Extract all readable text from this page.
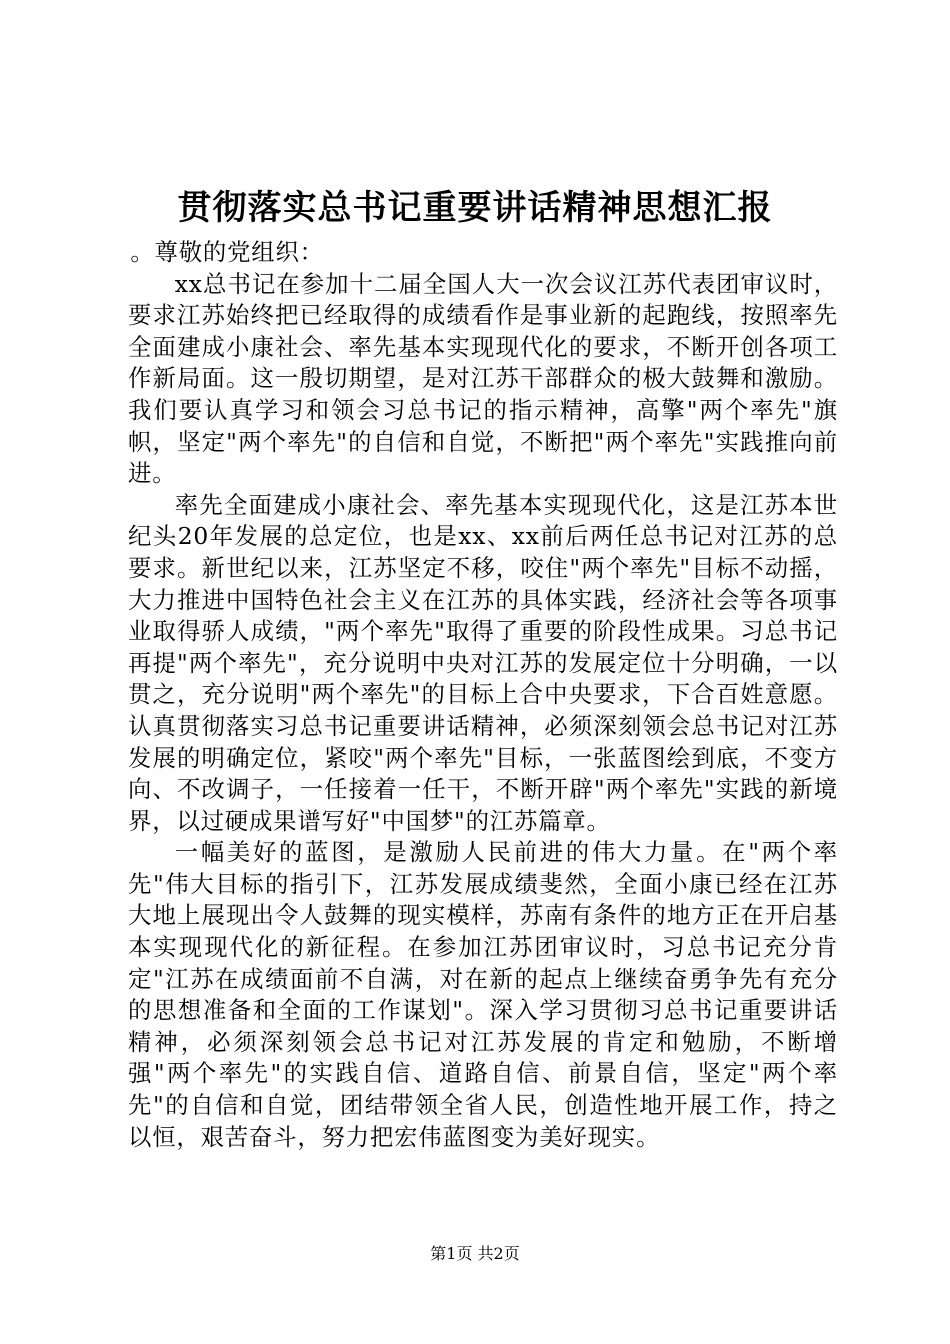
贯彻落实总书记重要讲话精神思想汇报
。尊敬的党组织：

xx总书记在参加十二届全国人大一次会议江苏代表团审议时，要求江苏始终把已经取得的成绩看作是事业新的起跑线，按照率先全面建成小康社会、率先基本实现现代化的要求，不断开创各项工作新局面。这一殷切期望，是对江苏干部群众的极大鼓舞和激励。我们要认真学习和领会习总书记的指示精神，高擎"两个率先"旗帜，坚定"两个率先"的自信和自觉，不断把"两个率先"实践推向前进。

率先全面建成小康社会、率先基本实现现代化，这是江苏本世纪头20年发展的总定位，也是xx、xx前后两任总书记对江苏的总要求。新世纪以来，江苏坚定不移，咬住"两个率先"目标不动摇，大力推进中国特色社会主义在江苏的具体实践，经济社会等各项事业取得骄人成绩，"两个率先"取得了重要的阶段性成果。习总书记再提"两个率先"，充分说明中央对江苏的发展定位十分明确，一以贯之，充分说明"两个率先"的目标上合中央要求，下合百姓意愿。认真贯彻落实习总书记重要讲话精神，必须深刻领会总书记对江苏发展的明确定位，紧咬"两个率先"目标，一张蓝图绘到底，不变方向、不改调子，一任接着一任干，不断开辟"两个率先"实践的新境界，以过硬成果谱写好"中国梦"的江苏篇章。

一幅美好的蓝图，是激励人民前进的伟大力量。在"两个率先"伟大目标的指引下，江苏发展成绩斐然，全面小康已经在江苏大地上展现出令人鼓舞的现实模样，苏南有条件的地方正在开启基本实现现代化的新征程。在参加江苏团审议时，习总书记充分肯定"江苏在成绩面前不自满，对在新的起点上继续奋勇争先有充分的思想准备和全面的工作谋划"。深入学习贯彻习总书记重要讲话精神，必须深刻领会总书记对江苏发展的肯定和勉励，不断增强"两个率先"的实践自信、道路自信、前景自信，坚定"两个率先"的自信和自觉，团结带领全省人民，创造性地开展工作，持之以恒，艰苦奋斗，努力把宏伟蓝图变为美好现实。

第1页 共2页
